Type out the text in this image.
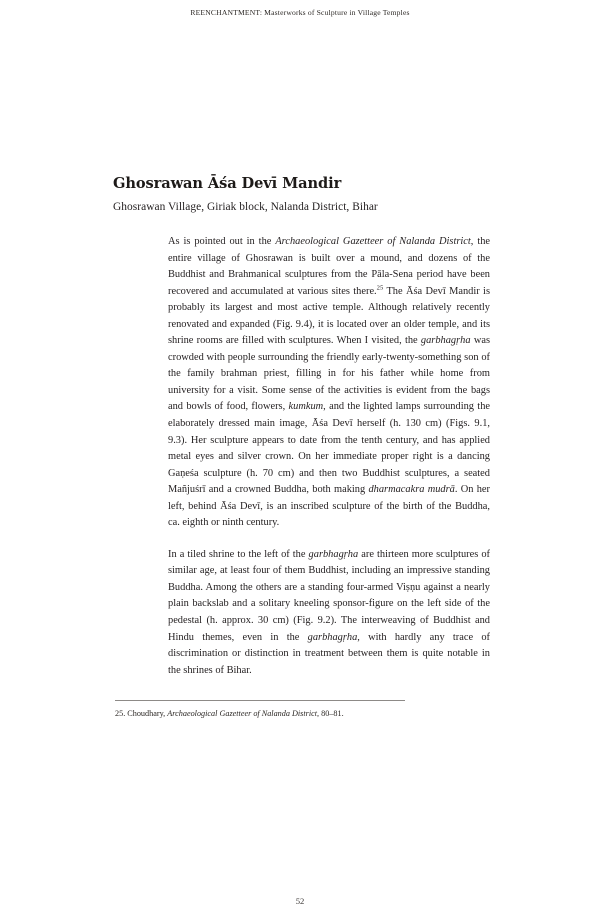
REENCHANTMENT: Masterworks of Sculpture in Village Temples
Ghosrawan Āśa Devī Mandir
Ghosrawan Village, Giriak block, Nalanda District, Bihar

As is pointed out in the Archaeological Gazetteer of Nalanda District, the entire village of Ghosrawan is built over a mound, and dozens of the Buddhist and Brahmanical sculptures from the Pāla-Sena period have been recovered and accumulated at various sites there.$^{25}$ The Āśa Devī Mandir is probably its largest and most active temple. Although relatively recently renovated and expanded (Fig. 9.4), it is located over an older temple, and its shrine rooms are filled with sculptures. When I visited, the garbhagṛha was crowded with people surrounding the friendly early-twenty-something son of the family brahman priest, filling in for his father while home from university for a visit. Some sense of the activities is evident from the bags and bowls of food, flowers, kumkum, and the lighted lamps surrounding the elaborately dressed main image, Āśa Devī herself (h. 130 cm) (Figs. 9.1, 9.3). Her sculpture appears to date from the tenth century, and has applied metal eyes and silver crown. On her immediate proper right is a dancing Gaṇeśa sculpture (h. 70 cm) and then two Buddhist sculptures, a seated Mañjuśrī and a crowned Buddha, both making dharmacakra mudrā. On her left, behind Āśa Devī, is an inscribed sculpture of the birth of the Buddha, ca. eighth or ninth century.

In a tiled shrine to the left of the garbhagṛha are thirteen more sculptures of similar age, at least four of them Buddhist, including an impressive standing Buddha. Among the others are a standing four-armed Viṣṇu against a nearly plain backslab and a solitary kneeling sponsor-figure on the left side of the pedestal (h. approx. 30 cm) (Fig. 9.2). The interweaving of Buddhist and Hindu themes, even in the garbhagṛha, with hardly any trace of discrimination or distinction in treatment between them is quite notable in the shrines of Bihar.

25. Choudhary, Archaeological Gazetteer of Nalanda District, 80–81.
52
